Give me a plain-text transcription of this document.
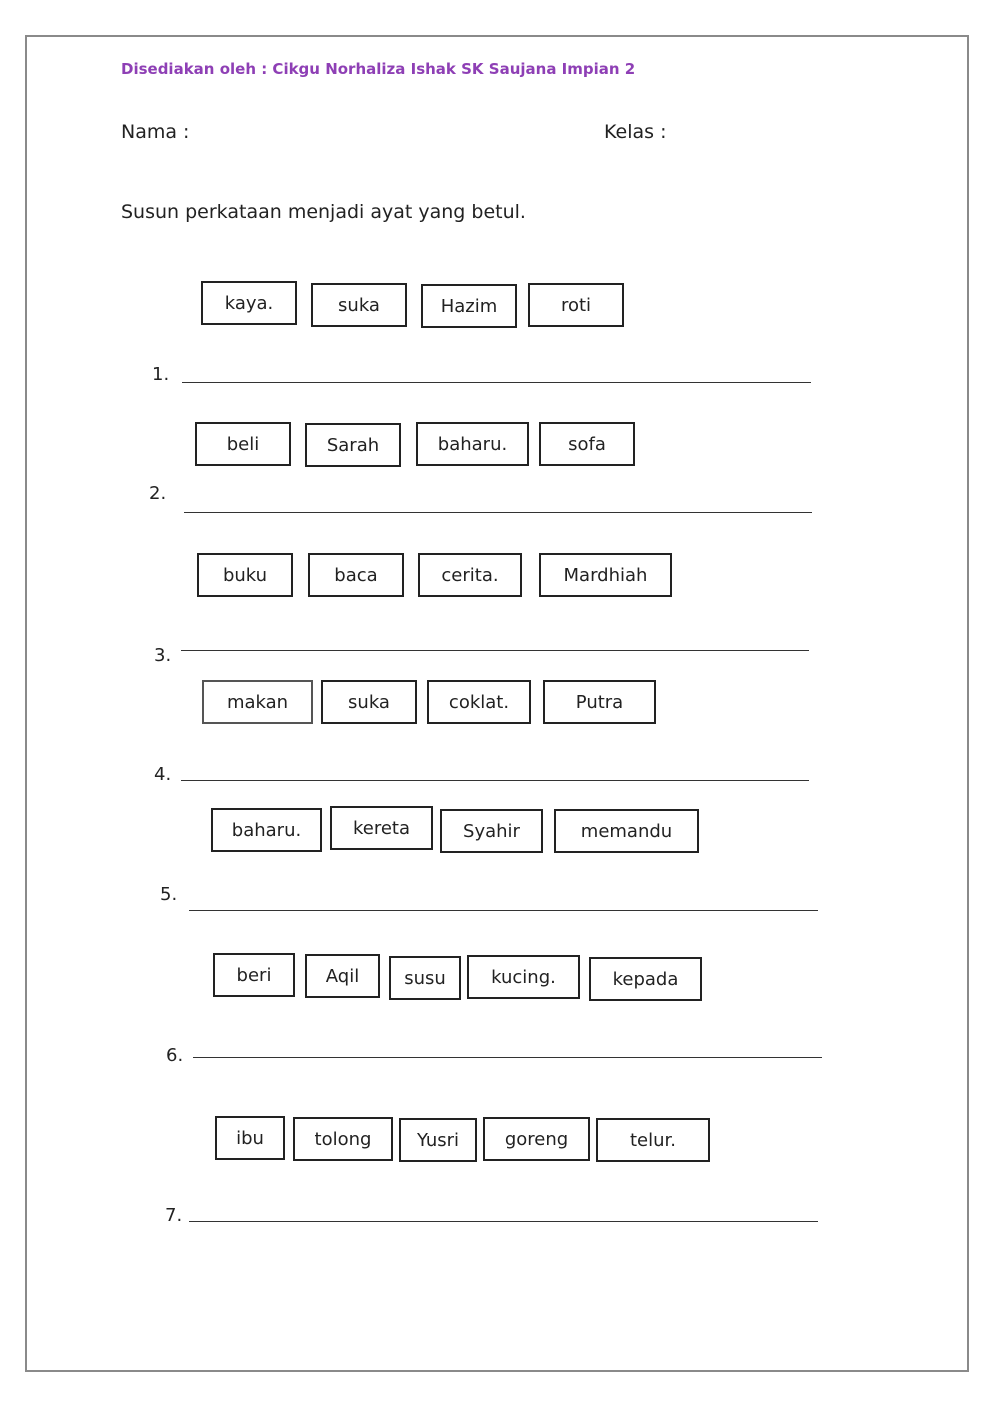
Disediakan oleh : Cikgu Norhaliza Ishak SK Saujana Impian 2
Nama :	Kelas :
Susun perkataan menjadi ayat yang betul.
kaya.	suka	Hazim	roti
1.
beli	Sarah	baharu.	sofa
2.
buku	baca	cerita.	Mardhiah
3.
makan	suka	coklat.	Putra
4.
baharu.	kereta	Syahir	memandu
5.
beri	Aqil	susu	kucing.	kepada
6.
ibu	tolong	Yusri	goreng	telur.
7.
